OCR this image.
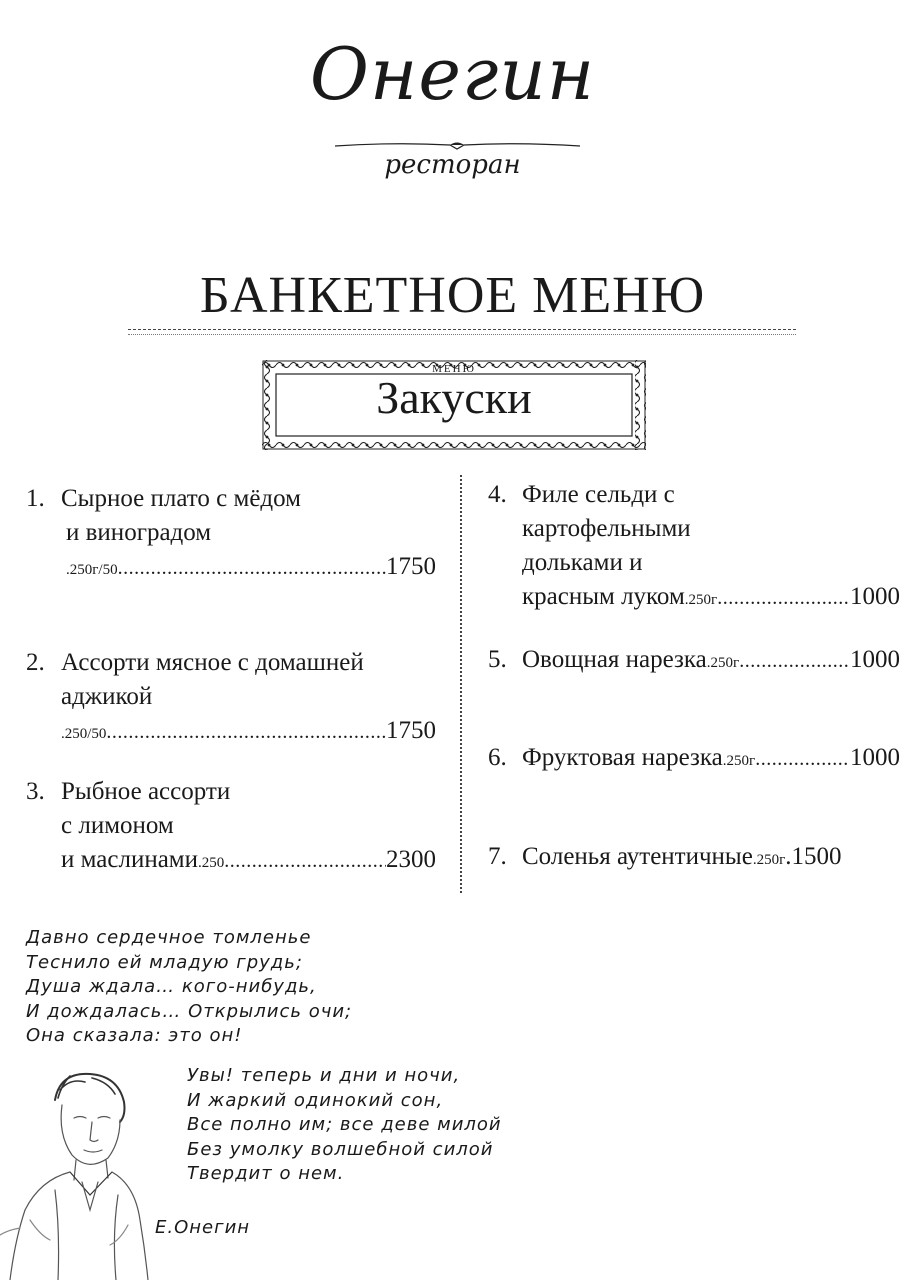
Онегин
ресторан
БАНКЕТНОЕ МЕНЮ
МЕНЮ
Закуски
1. Сырное плато с мёдом
и виноградом
.250г/50 .....	1750
2. Ассорти мясное с домашней
аджикой
.250/50 .....	1750
3. Рыбное ассорти
с лимоном
и маслинами .250 .....	2300
4. Филе сельди с
картофельными
дольками и
красным луком .250г .....	1000
5. Овощная нарезка .250г .....	1000
6. Фруктовая нарезка .250г .....	1000
7. Соленья аутентичные .250г .1500
Давно сердечное томленье
Теснило ей младую грудь;
Душа ждала… кого-нибудь,
И дождалась… Открылись очи;
Она сказала: это он!
Увы! теперь и дни и ночи,
И жаркий одинокий сон,
Все полно им; все деве милой
Без умолку волшебной силой
Твердит о нем.
Е.Онегин
